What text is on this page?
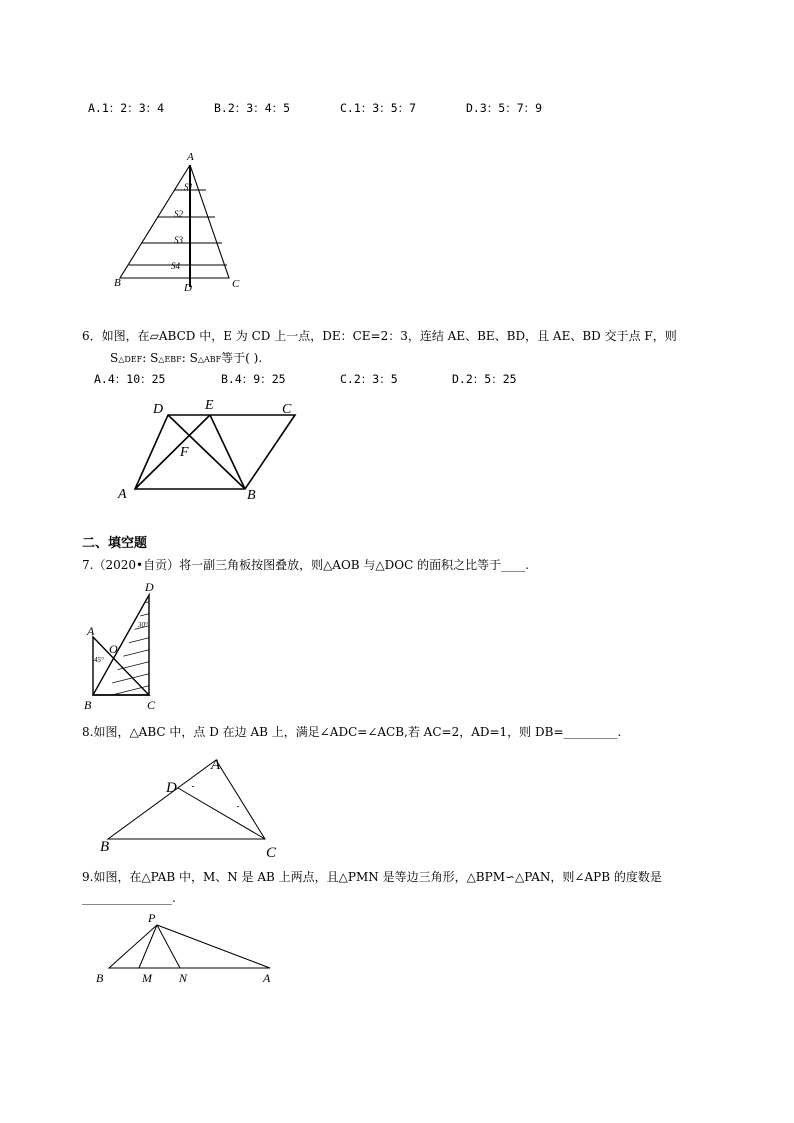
A.1：2：3：4	B.2：3：4：5	C.1：3：5：7	D.3：5：7：9
A
B	C
D
S1
S2
S3
S4
6．如图，在▱ABCD 中，E 为 CD 上一点，DE：CE=2：3，连结 AE、BE、BD，且 AE、BD 交于点 F，则
S△DEF: S△EBF: S△ABF等于( ).
A.4：10：25	B.4：9：25	C.2：3：5	D.2：5：25
D	E	C
F
A	B
二、填空题
7.（2020•自贡）将一副三角板按图叠放，则△AOB 与△DOC 的面积之比等于____.
D
A
O
B	C
30°
45°
8.如图，△ABC 中，点 D 在边 AB 上，满足∠ADC=∠ACB,若 AC=2，AD=1，则 DB=_________.
A
D
B	C
9.如图，在△PAB 中，M、N 是 AB 上两点，且△PMN 是等边三角形，△BPM∽△PAN，则∠APB 的度数是
_______________.
P
B	M N	A
